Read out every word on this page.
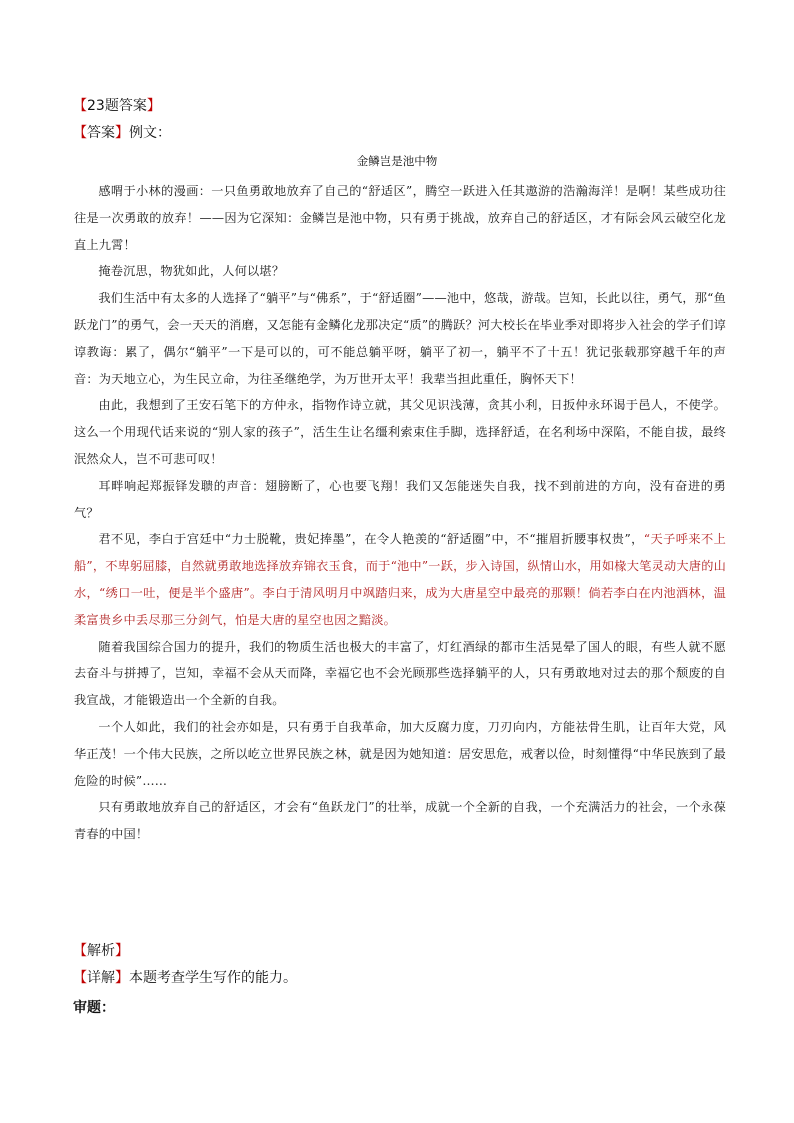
【23题答案】
【答案】例文：
金鳞岂是池中物

感喟于小林的漫画：一只鱼勇敢地放弃了自己的“舒适区”，腾空一跃进入任其遨游的浩瀚海洋！是啊！某些成功往往是一次勇敢的放弃！——因为它深知：金鳞岂是池中物，只有勇于挑战，放弃自己的舒适区，才有际会风云破空化龙直上九霄！

掩卷沉思，物犹如此，人何以堪？

我们生活中有太多的人选择了“躺平”与“佛系”，于“舒适圈”——池中，悠哉，游哉。岂知，长此以往，勇气，那“鱼跃龙门”的勇气，会一天天的消磨，又怎能有金鳞化龙那决定“质”的腾跃？河大校长在毕业季对即将步入社会的学子们谆谆教诲：累了，偶尔“躺平”一下是可以的，可不能总躺平呀，躺平了初一，躺平不了十五！犹记张载那穿越千年的声音：为天地立心，为生民立命，为往圣继绝学，为万世开太平！我辈当担此重任，胸怀天下！

由此，我想到了王安石笔下的方仲永，指物作诗立就，其父见识浅薄，贪其小利，日扳仲永环谒于邑人，不使学。这么一个用现代话来说的“别人家的孩子”，活生生让名缰利索束住手脚，选择舒适，在名利场中深陷，不能自拔，最终泯然众人，岂不可悲可叹！

耳畔响起郑振铎发聩的声音：翅膀断了，心也要飞翔！我们又怎能迷失自我，找不到前进的方向，没有奋进的勇气？

君不见，李白于宫廷中“力士脱靴，贵妃捧墨”，在令人艳羡的“舒适圈”中，不“摧眉折腰事权贵”，“天子呼来不上船”，不卑躬屈膝，自然就勇敢地选择放弃锦衣玉食，而于“池中”一跃，步入诗国，纵情山水，用如椽大笔灵动大唐的山水，“绣口一吐，便是半个盛唐”。李白于清风明月中飒踏归来，成为大唐星空中最亮的那颗！倘若李白在内池酒林，温柔富贵乡中丢尽那三分剑气，怕是大唐的星空也因之黯淡。

随着我国综合国力的提升，我们的物质生活也极大的丰富了，灯红酒绿的都市生活晃晕了国人的眼，有些人就不愿去奋斗与拼搏了，岂知，幸福不会从天而降，幸福它也不会光顾那些选择躺平的人，只有勇敢地对过去的那个颓废的自我宣战，才能锻造出一个全新的自我。

一个人如此，我们的社会亦如是，只有勇于自我革命，加大反腐力度，刀刃向内，方能祛骨生肌，让百年大党，风华正茂！一个伟大民族，之所以屹立世界民族之林，就是因为她知道：居安思危，戒奢以俭，时刻懂得“中华民族到了最危险的时候”……

只有勇敢地放弃自己的舒适区，才会有“鱼跃龙门”的壮举，成就一个全新的自我，一个充满活力的社会，一个永葆青春的中国！

【解析】
【详解】本题考查学生写作的能力。
审题：
